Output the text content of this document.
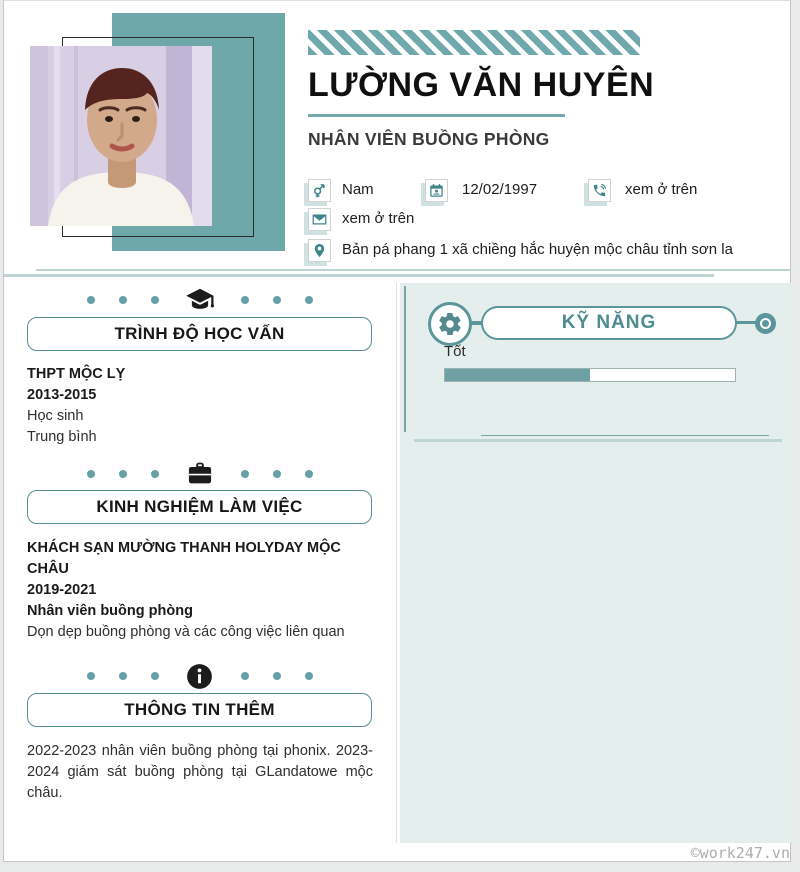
LƯỜNG VĂN HUYÊN
NHÂN VIÊN BUỒNG PHÒNG
Nam	12/02/1997	xem ở trên
xem ở trên
Bản pá phang 1 xã chiềng hắc huyện mộc châu tỉnh sơn la
TRÌNH ĐỘ HỌC VẤN
THPT MỘC LỴ
2013-2015
Học sinh
Trung bình
KINH NGHIỆM LÀM VIỆC
KHÁCH SẠN MƯỜNG THANH HOLYDAY MỘC CHÂU
2019-2021
Nhân viên buồng phòng
Dọn dẹp buồng phòng và các công việc liên quan
THÔNG TIN THÊM
2022-2023 nhân viên buồng phòng tại phonix. 2023-2024 giám sát buồng phòng tại GLandatowe mộc châu.
KỸ NĂNG
Tốt
©work247.vn
